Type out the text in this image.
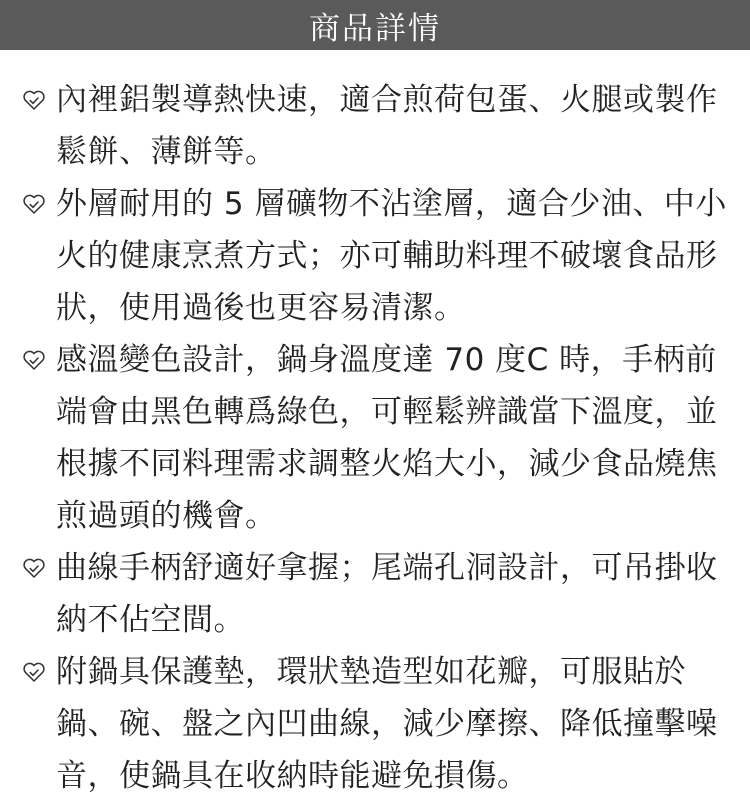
商品詳情
內裡鋁製導熱快速，適合煎荷包蛋、火腿或製作鬆餅、薄餅等。
外層耐用的 5 層礦物不沾塗層，適合少油、中小火的健康烹煮方式；亦可輔助料理不破壞食品形狀，使用過後也更容易清潔。
感溫變色設計，鍋身溫度達 70 度C 時，手柄前端會由黑色轉爲綠色，可輕鬆辨識當下溫度，並根據不同料理需求調整火焰大小，減少食品燒焦煎過頭的機會。
曲線手柄舒適好拿握；尾端孔洞設計，可吊掛收納不佔空間。
附鍋具保護墊，環狀墊造型如花瓣，可服貼於鍋、碗、盤之內凹曲線，減少摩擦、降低撞擊噪音，使鍋具在收納時能避免損傷。
